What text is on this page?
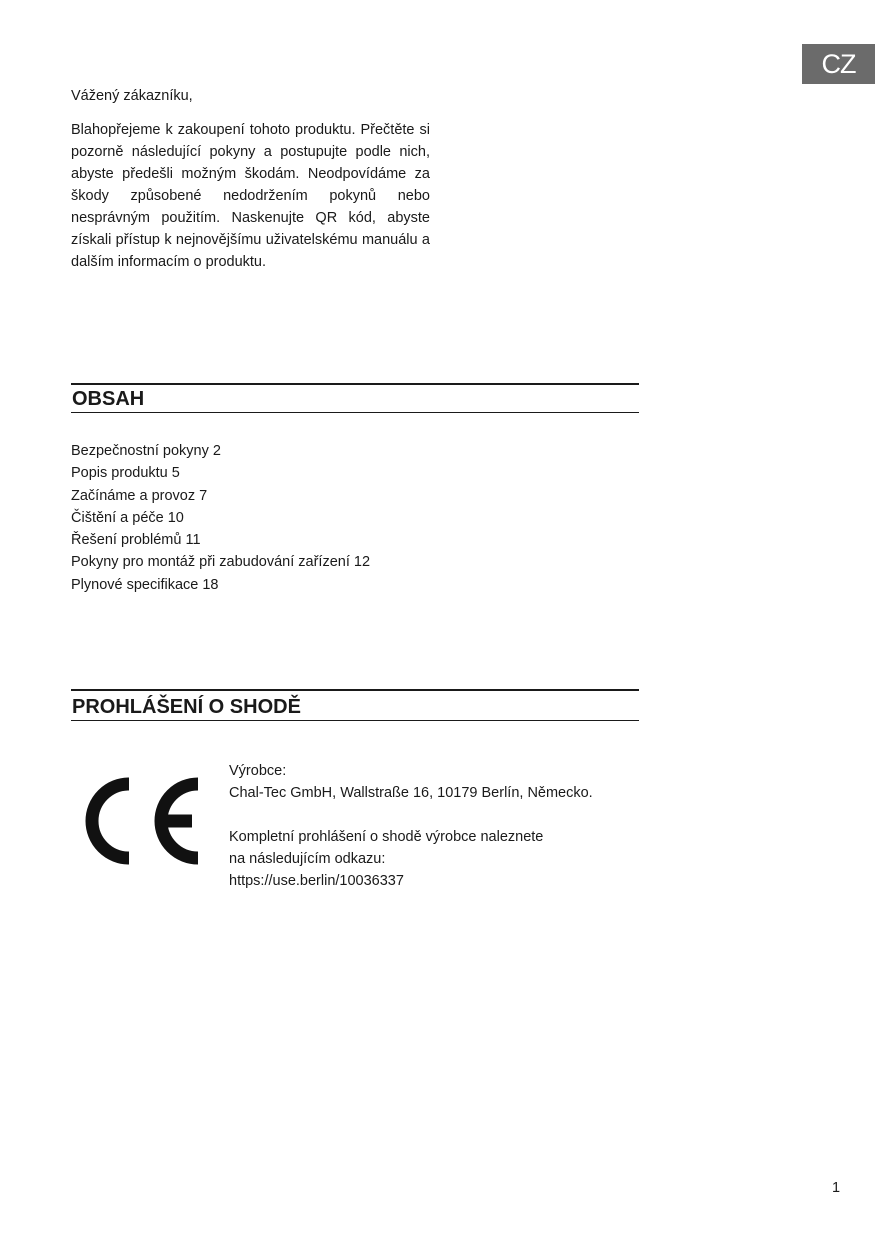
CZ
Vážený zákazníku,

Blahopřejeme k zakoupení tohoto produktu. Přečtěte si pozorně následující pokyny a postupujte podle nich, abyste předešli možným škodám. Neodpovídáme za škody způsobené nedodržením pokynů nebo nesprávným použitím. Naskenujte QR kód, abyste získali přístup k nejnovějšímu uživatelskému manuálu a dalším informacím o produktu.

OBSAH
Bezpečnostní pokyny 2
Popis produktu 5
Začínáme a provoz 7
Čištění a péče 10
Řešení problémů 11
Pokyny pro montáž při zabudování zařízení 12
Plynové specifikace 18
PROHLÁŠENÍ O SHODĚ
Výrobce:
Chal-Tec GmbH, Wallstraße 16, 10179 Berlín, Německo.
Kompletní prohlášení o shodě výrobce naleznete
na následujícím odkazu:
https://use.berlin/10036337
1
